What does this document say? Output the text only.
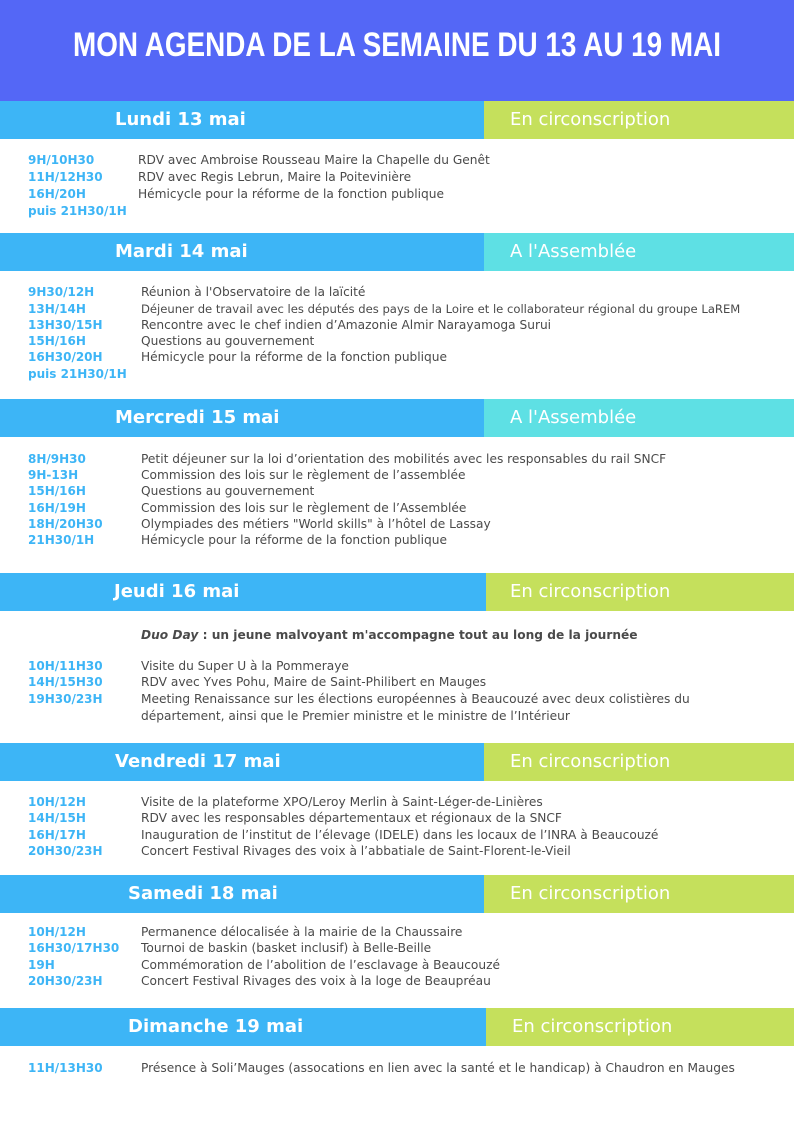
MON AGENDA DE LA SEMAINE DU 13 AU 19 MAI
Lundi 13 mai	En circonscription
9H/10H30	RDV avec Ambroise Rousseau Maire la Chapelle du Genêt
11H/12H30	RDV avec Regis Lebrun, Maire la Poitevinière
16H/20H	Hémicycle pour la réforme de la fonction publique
puis 21H30/1H
Mardi 14 mai	A l'Assemblée
9H30/12H	Réunion à l'Observatoire de la laïcité
13H/14H	Déjeuner de travail avec les députés des pays de la Loire et le collaborateur régional du groupe LaREM
13H30/15H	Rencontre avec le chef indien d’Amazonie Almir Narayamoga Surui
15H/16H	Questions au gouvernement
16H30/20H	Hémicycle pour la réforme de la fonction publique
puis 21H30/1H
Mercredi 15 mai	A l'Assemblée
8H/9H30	Petit déjeuner sur la loi d’orientation des mobilités avec les responsables du rail SNCF
9H-13H	Commission des lois sur le règlement de l’assemblée
15H/16H	Questions au gouvernement
16H/19H	Commission des lois sur le règlement de l’Assemblée
18H/20H30	Olympiades des métiers "World skills" à l’hôtel de Lassay
21H30/1H	Hémicycle pour la réforme de la fonction publique
Jeudi 16 mai	En circonscription
Duo Day : un jeune malvoyant m'accompagne tout au long de la journée
10H/11H30	Visite du Super U à la Pommeraye
14H/15H30	RDV avec Yves Pohu, Maire de Saint-Philibert en Mauges
19H30/23H	Meeting Renaissance sur les élections européennes à Beaucouzé avec deux colistières du
département, ainsi que le Premier ministre et le ministre de l’Intérieur
Vendredi 17 mai	En circonscription
10H/12H	Visite de la plateforme XPO/Leroy Merlin à Saint-Léger-de-Linières
14H/15H	RDV avec les responsables départementaux et régionaux de la SNCF
16H/17H	Inauguration de l’institut de l’élevage (IDELE) dans les locaux de l’INRA à Beaucouzé
20H30/23H	Concert Festival Rivages des voix à l’abbatiale de Saint-Florent-le-Vieil
Samedi 18 mai	En circonscription
10H/12H	Permanence délocalisée à la mairie de la Chaussaire
16H30/17H30 Tournoi de baskin (basket inclusif) à Belle-Beille
19H	Commémoration de l’abolition de l’esclavage à Beaucouzé
20H30/23H	Concert Festival Rivages des voix à la loge de Beaupréau
Dimanche 19 mai	En circonscription
11H/13H30	Présence à Soli’Mauges (assocations en lien avec la santé et le handicap) à Chaudron en Mauges
